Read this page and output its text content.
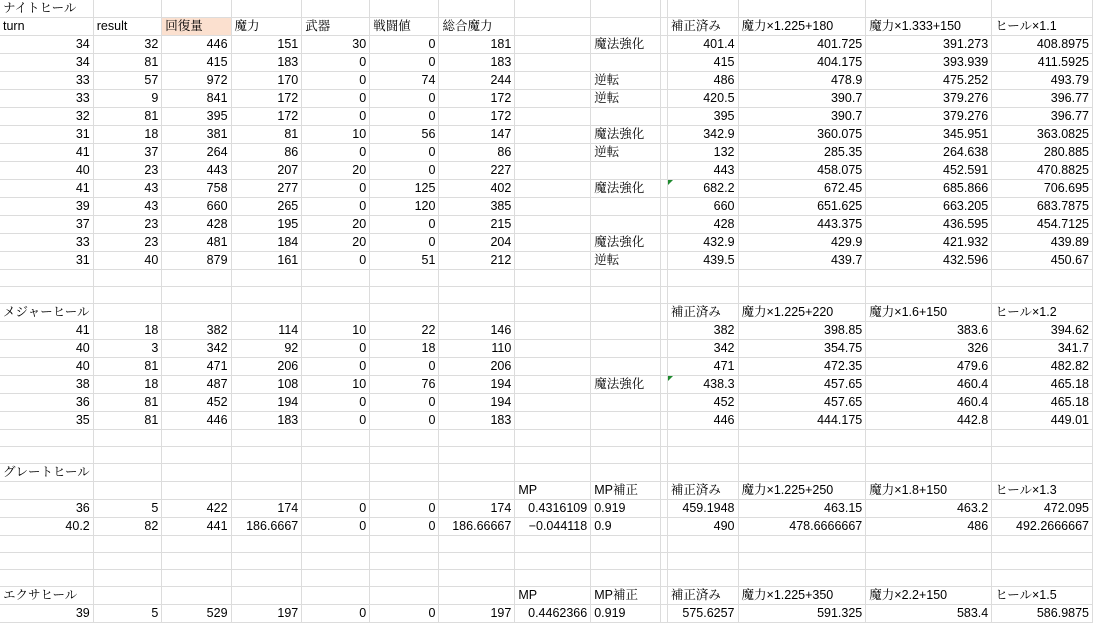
ナイトヒール													
turn	result	回復量	魔力	武器	戦闘値	総合魔力				補正済み	魔力×1.225+180	魔力×1.333+150	ヒール×1.1
34	32	446	151	30	0	181		魔法強化		401.4	401.725	391.273	408.8975
34	81	415	183	0	0	183				415	404.175	393.939	411.5925
33	57	972	170	0	74	244		逆転		486	478.9	475.252	493.79
33	9	841	172	0	0	172		逆転		420.5	390.7	379.276	396.77
32	81	395	172	0	0	172				395	390.7	379.276	396.77
31	18	381	81	10	56	147		魔法強化		342.9	360.075	345.951	363.0825
41	37	264	86	0	0	86		逆転		132	285.35	264.638	280.885
40	23	443	207	20	0	227				443	458.075	452.591	470.8825
41	43	758	277	0	125	402		魔法強化		682.2	672.45	685.866	706.695
39	43	660	265	0	120	385				660	651.625	663.205	683.7875
37	23	428	195	20	0	215				428	443.375	436.595	454.7125
33	23	481	184	20	0	204		魔法強化		432.9	429.9	421.932	439.89
31	40	879	161	0	51	212		逆転		439.5	439.7	432.596	450.67

メジャーヒール										補正済み	魔力×1.225+220	魔力×1.6+150	ヒール×1.2
41	18	382	114	10	22	146				382	398.85	383.6	394.62
40	3	342	92	0	18	110				342	354.75	326	341.7
40	81	471	206	0	0	206				471	472.35	479.6	482.82
38	18	487	108	10	76	194		魔法強化		438.3	457.65	460.4	465.18
36	81	452	194	0	0	194				452	457.65	460.4	465.18
35	81	446	183	0	0	183				446	444.175	442.8	449.01

グレートヒール													
							MP	MP補正		補正済み	魔力×1.225+250	魔力×1.8+150	ヒール×1.3
36	5	422	174	0	0	174	0.4316109	0.919		459.1948	463.15	463.2	472.095
40.2	82	441	186.6667	0	0	186.66667	−0.044118	0.9		490	478.6666667	486	492.2666667

エクサヒール							MP	MP補正		補正済み	魔力×1.225+350	魔力×2.2+150	ヒール×1.5
39	5	529	197	0	0	197	0.4462366	0.919		575.6257	591.325	583.4	586.9875
